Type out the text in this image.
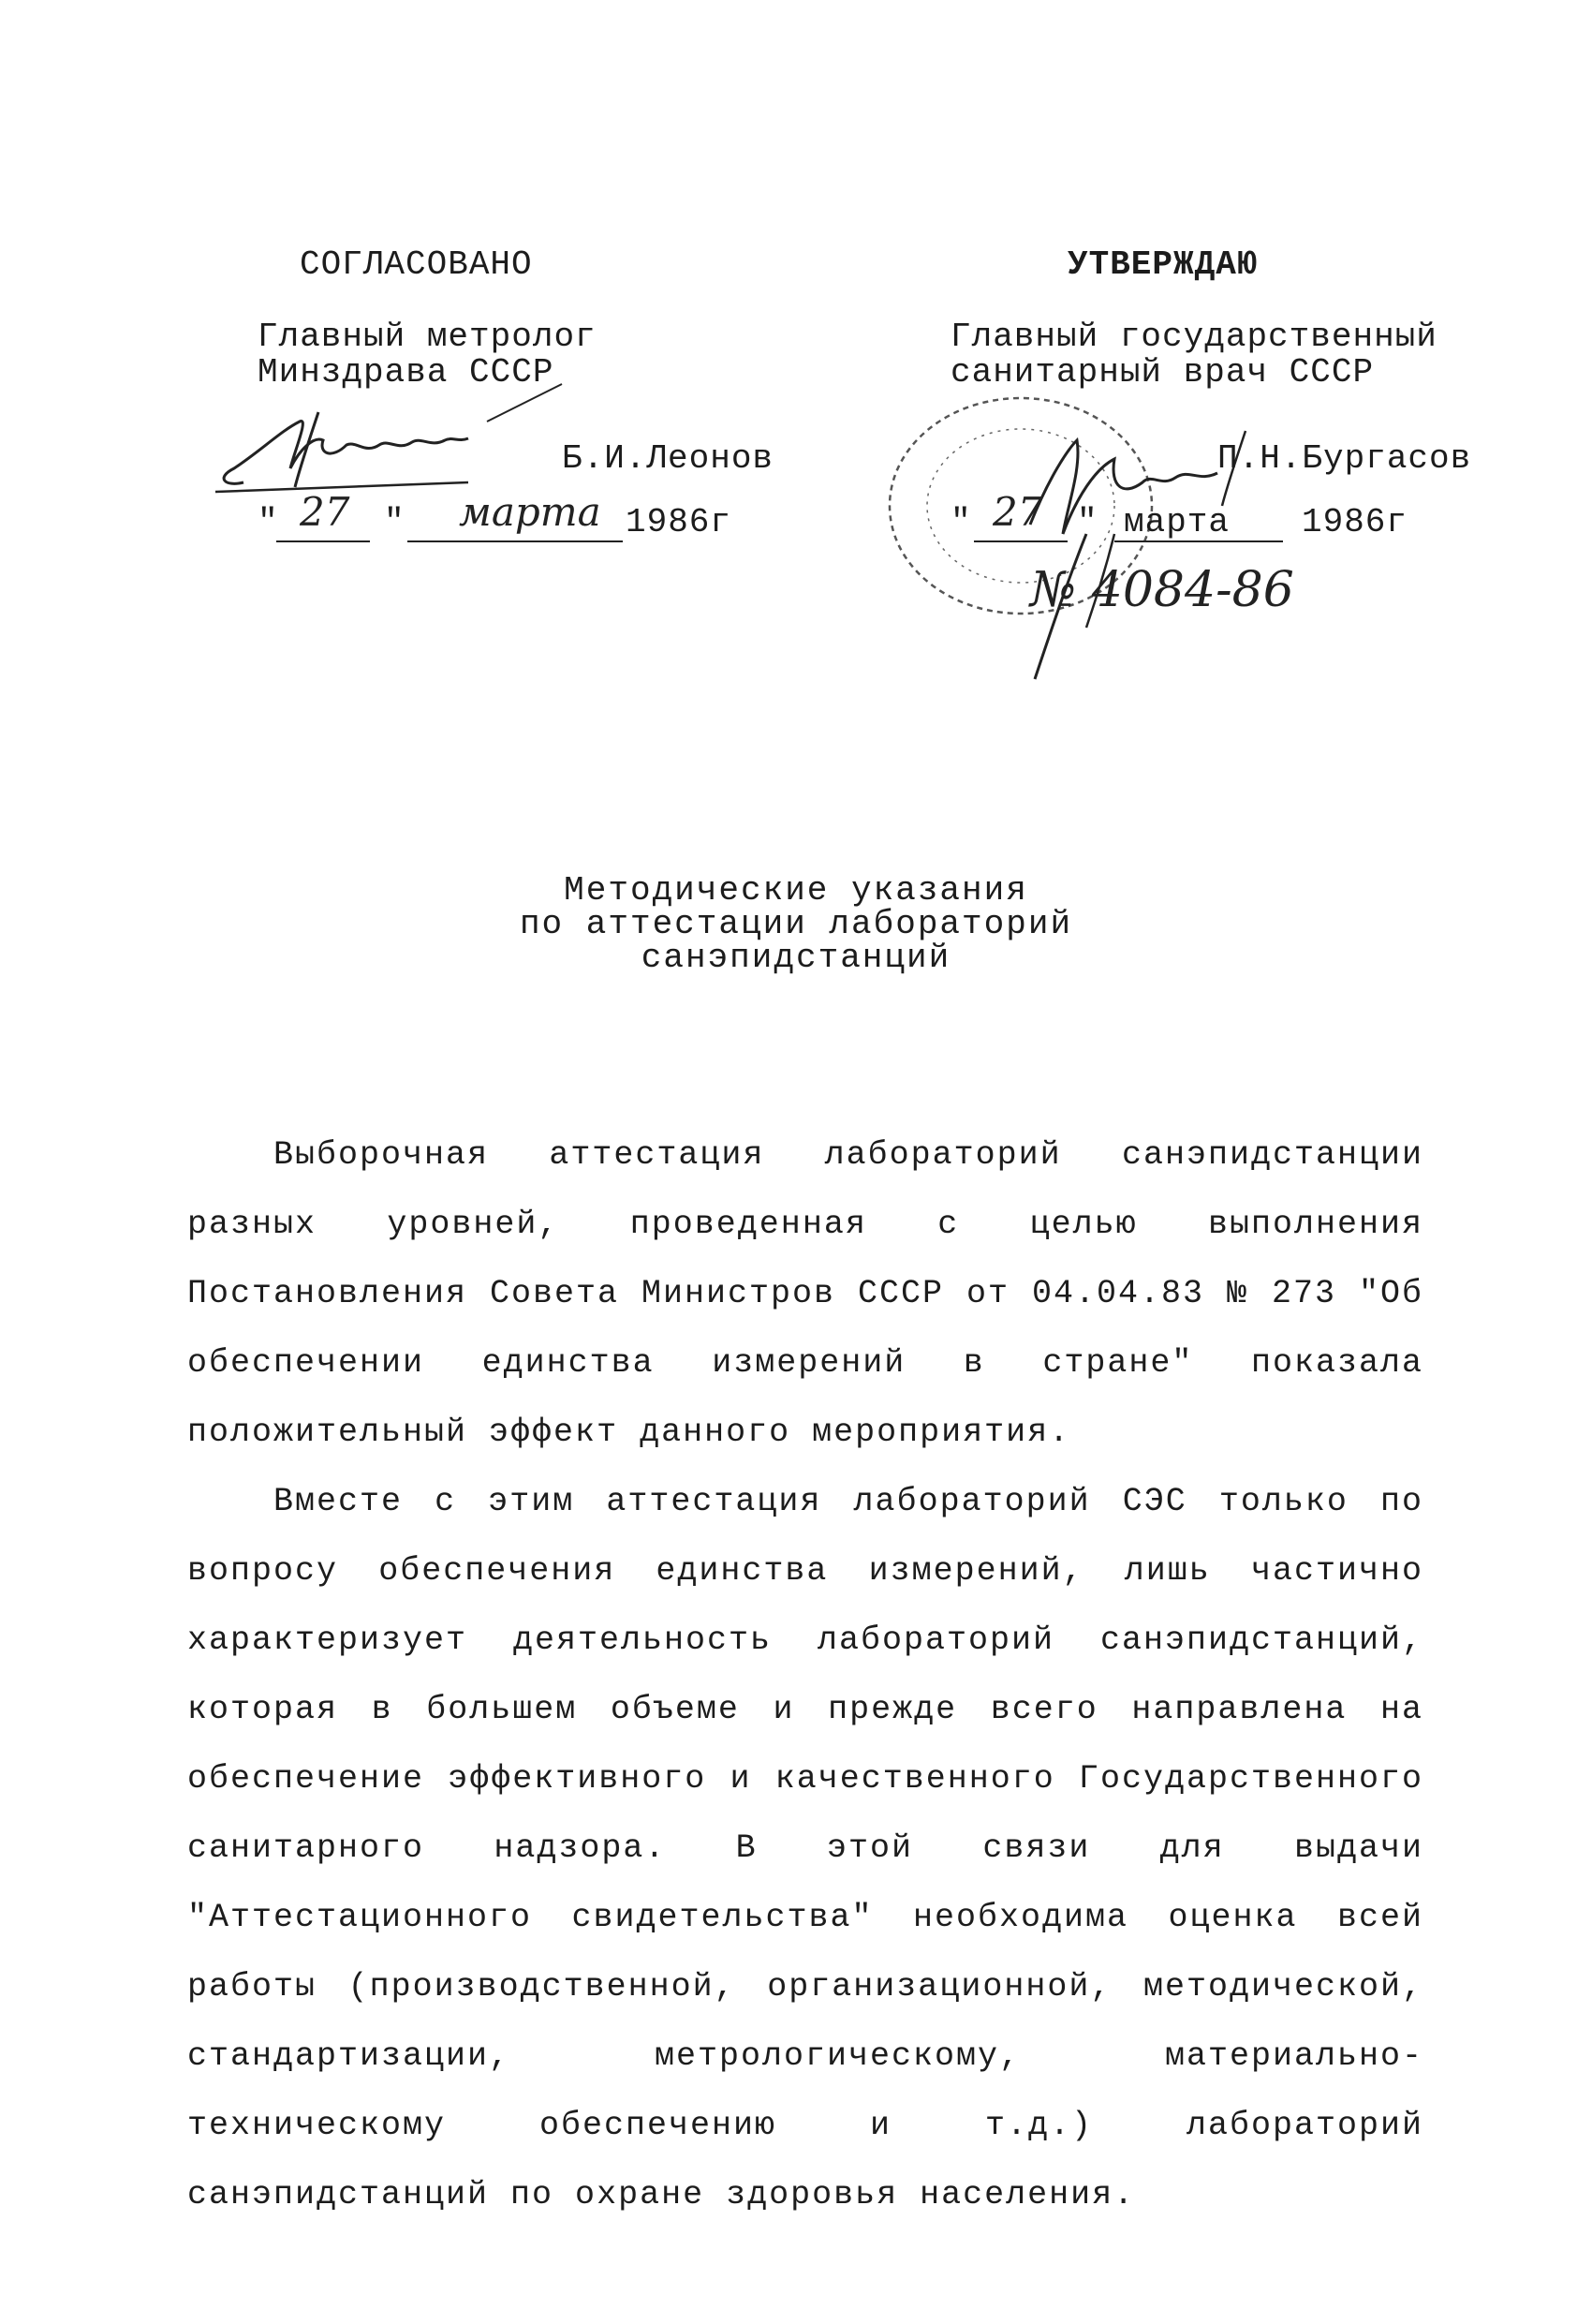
СОГЛАСОВАНО
Главный метролог
Минздрава СССР
Б.И.Леонов
" 27 " марта 1986г
УТВЕРЖДАЮ
Главный государственный
санитарный врач СССР
П.Н.Бургасов
" 27 " марта 1986г
№ 4084-86
Методические указания
по аттестации лабораторий
санэпидстанций

Выборочная аттестация лабораторий санэпидстанции разных уровней, проведенная с целью выполнения Постановления Совета Министров СССР от 04.04.83 № 273 "Об обеспечении единства измерений в стране" показала положительный эффект данного мероприятия.

Вместе с этим аттестация лабораторий СЭС только по вопросу обеспечения единства измерений, лишь частично характеризует деятельность лабораторий санэпидстанций, которая в большем объеме и прежде всего направлена на обеспечение эффективного и качественного Государственного санитарного надзора. В этой связи для выдачи "Аттестационного свидетельства" необходима оценка всей работы (производственной, организационной, методической, стандартизации, метрологическому, материально-техническому обеспечению и т.д.) лабораторий санэпидстанций по охране здоровья населения.
